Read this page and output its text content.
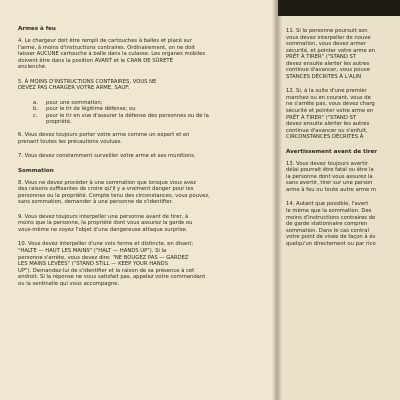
Armes à feu
4. Le chargeur doit être rempli de cartouches à balles et placé sur
l'arme, à moins d'instructions contraires. Ordinairement, on ne doit
laisser AUCUNE cartouche à balle dans la culasse. Les organes mobiles
doivent être dans la position AVANT et le CRAN DE SÛRETÉ
enclenché.
5. À MOINS D'INSTRUCTIONS CONTRAIRES, VOUS NE
DEVEZ PAS CHARGER VOTRE ARME, SAUF:
a.	pour une sommation;
b.	pour le tir de légitime défense; ou
c.	pour le tir en vue d'assurer la défense des personnes ou de la
propriété.
6. Vous devez toujours porter votre arme comme un expert et en
prenant toutes les précautions voulues.
7. Vous devez constamment surveiller votre arme et ses munitions.
Sommation
8. Vous ne devez procéder à une sommation que lorsque vous avez
des raisons suffisantes de croire qu'il y a vraiment danger pour les
personnes ou la propriété. Compte tenu des circonstances, vous pouvez,
sans sommation, demander à une personne de s'identifier.
9. Vous devez toujours interpeller une personne avant de tirer, à
moins que la personne, la propriété dont vous assurez la garde ou
vous-même ne soyez l'objet d'une dangereuse attaque surprise.
10. Vous devez interpeller d'une voix ferme et distincte, en disant:
"HALTE — HAUT LES MAINS" ("HALT — HANDS UP"). Si la
personne s'arrête, vous devez dire: "NE BOUGEZ PAS — GARDEZ
LES MAINS LEVÉES" ("STAND STILL — KEEP YOUR HANDS
UP"). Demandez-lui de s'identifier et la raison de sa présence à cet
endroit. Si la réponse ne vous satisfait pas, appelez votre commandant
ou la sentinelle qui vous accompagne.
11. Si la personne poursuit son
vous devez interpeller de nouve
sommation, vous devez armer
sécurité, et pointer votre arme en
PRÊT À TIRER" ("STAND ST
devez ensuite alerter les autres
continue d'avancer, vous pouve
STANCES DÉCRITES À L'ALIN
12. Si, à la suite d'une premièr
marchez ou en courant, vous de
ne s'arrête pas, vous devez charg
sécurité et pointer votre arme en
PRÊT À TIRER" ("STAND ST
devez ensuite alerter les autres
continue d'avancer ou s'enfuit,
CIRCONSTANCES DÉCRITES À
Avertissement avant de tirer
13. Vous devez toujours avertir
délai pourrait être fatal ou être la
la personne dont vous assurez la
sans avertir, tirer sur une person
arme à feu ou toute autre arme m
14. Autant que possible, l'avert
le même que la sommation. Des
moins d'instructions contraires de
de garde stationnaire compren
sommation. Dans le cas contrai
votre point de visée de façon à év
quelqu'un directement ou par rico
